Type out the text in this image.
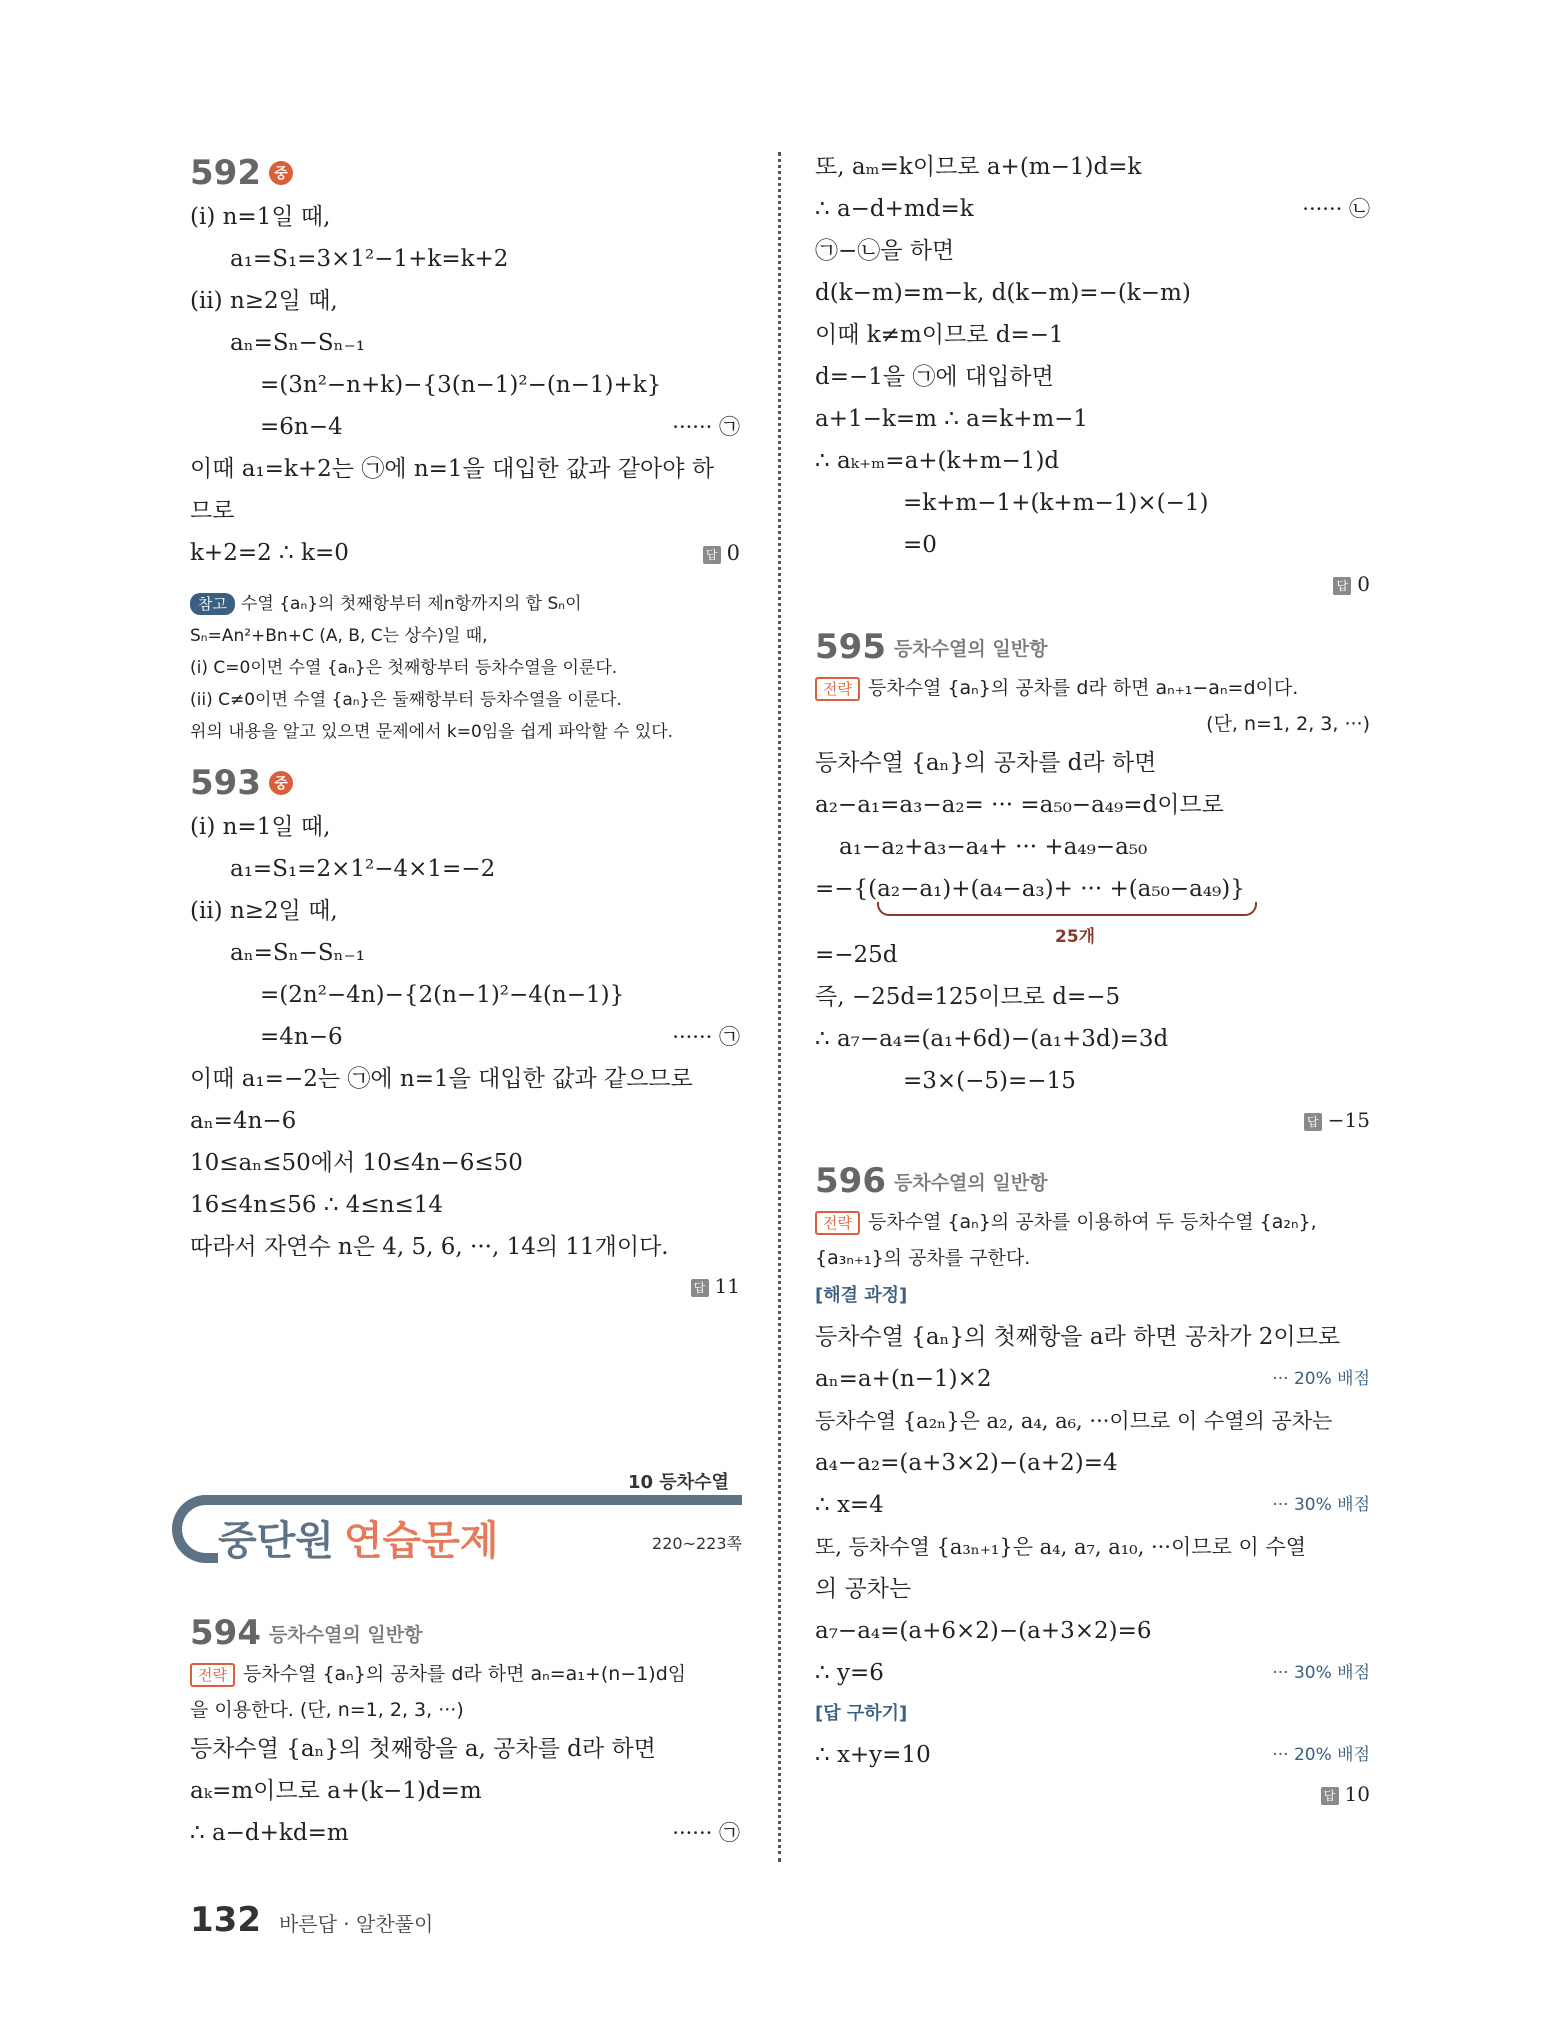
592 중
(i) n=1일 때,
a₁=S₁=3×1²−1+k=k+2
(ii) n≥2일 때,
aₙ=Sₙ−Sₙ₋₁
=(3n²−n+k)−{3(n−1)²−(n−1)+k}
=6n−4	······ ㉠
이때 a₁=k+2는 ㉠에 n=1을 대입한 값과 같아야 하
므로
k+2=2 ∴ k=0	답 0
참고 수열 {aₙ}의 첫째항부터 제n항까지의 합 Sₙ이
Sₙ=An²+Bn+C (A, B, C는 상수)일 때,
(i) C=0이면 수열 {aₙ}은 첫째항부터 등차수열을 이룬다.
(ii) C≠0이면 수열 {aₙ}은 둘째항부터 등차수열을 이룬다.
위의 내용을 알고 있으면 문제에서 k=0임을 쉽게 파악할 수 있다.
593 중
(i) n=1일 때,
a₁=S₁=2×1²−4×1=−2
(ii) n≥2일 때,
aₙ=Sₙ−Sₙ₋₁
=(2n²−4n)−{2(n−1)²−4(n−1)}
=4n−6	······ ㉠
이때 a₁=−2는 ㉠에 n=1을 대입한 값과 같으므로
aₙ=4n−6
10≤aₙ≤50에서 10≤4n−6≤50
16≤4n≤56 ∴ 4≤n≤14
따라서 자연수 n은 4, 5, 6, ···, 14의 11개이다.
답 11
10 등차수열
중단원 연습문제	220~223쪽
594 등차수열의 일반항
전략 등차수열 {aₙ}의 공차를 d라 하면 aₙ=a₁+(n−1)d임
을 이용한다. (단, n=1, 2, 3, ···)
등차수열 {aₙ}의 첫째항을 a, 공차를 d라 하면
aₖ=m이므로 a+(k−1)d=m
∴ a−d+kd=m	······ ㉠
또, aₘ=k이므로 a+(m−1)d=k
∴ a−d+md=k	······ ㉡
㉠−㉡을 하면
d(k−m)=m−k, d(k−m)=−(k−m)
이때 k≠m이므로 d=−1
d=−1을 ㉠에 대입하면
a+1−k=m ∴ a=k+m−1
∴ aₖ₊ₘ=a+(k+m−1)d
=k+m−1+(k+m−1)×(−1)
=0
답 0
595 등차수열의 일반항
전략 등차수열 {aₙ}의 공차를 d라 하면 aₙ₊₁−aₙ=d이다.
(단, n=1, 2, 3, ···)
등차수열 {aₙ}의 공차를 d라 하면
a₂−a₁=a₃−a₂= ··· =a₅₀−a₄₉=d이므로
a₁−a₂+a₃−a₄+ ··· +a₄₉−a₅₀
=−{(a₂−a₁)+(a₄−a₃)+ ··· +(a₅₀−a₄₉)}
25개
=−25d
즉, −25d=125이므로 d=−5
∴ a₇−a₄=(a₁+6d)−(a₁+3d)=3d
=3×(−5)=−15
답 −15
596 등차수열의 일반항
전략 등차수열 {aₙ}의 공차를 이용하여 두 등차수열 {a₂ₙ},
{a₃ₙ₊₁}의 공차를 구한다.
[해결 과정]
등차수열 {aₙ}의 첫째항을 a라 하면 공차가 2이므로
aₙ=a+(n−1)×2	··· 20% 배점
등차수열 {a₂ₙ}은 a₂, a₄, a₆, ···이므로 이 수열의 공차는
a₄−a₂=(a+3×2)−(a+2)=4
∴ x=4	··· 30% 배점
또, 등차수열 {a₃ₙ₊₁}은 a₄, a₇, a₁₀, ···이므로 이 수열
의 공차는
a₇−a₄=(a+6×2)−(a+3×2)=6
∴ y=6	··· 30% 배점
[답 구하기]
∴ x+y=10	··· 20% 배점
답 10
132 바른답 · 알찬풀이
